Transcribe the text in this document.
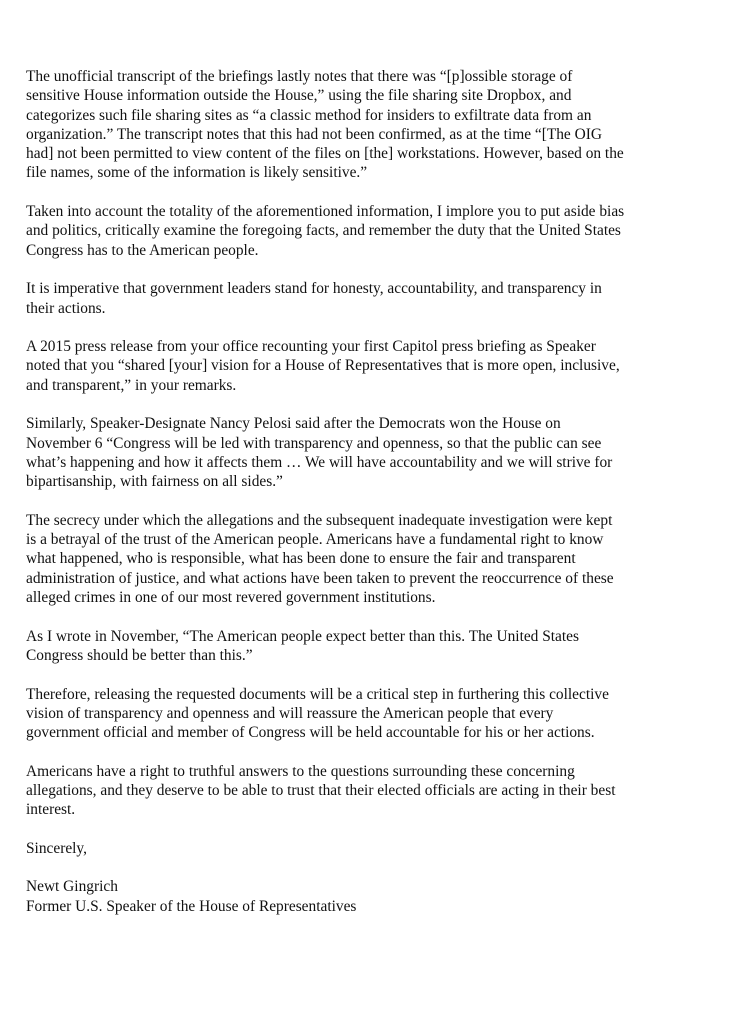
The unofficial transcript of the briefings lastly notes that there was “[p]ossible storage of
sensitive House information outside the House,” using the file sharing site Dropbox, and
categorizes such file sharing sites as “a classic method for insiders to exfiltrate data from an
organization.” The transcript notes that this had not been confirmed, as at the time “[The OIG
had] not been permitted to view content of the files on [the] workstations. However, based on the
file names, some of the information is likely sensitive.”

Taken into account the totality of the aforementioned information, I implore you to put aside bias
and politics, critically examine the foregoing facts, and remember the duty that the United States
Congress has to the American people.

It is imperative that government leaders stand for honesty, accountability, and transparency in
their actions.

A 2015 press release from your office recounting your first Capitol press briefing as Speaker
noted that you “shared [your] vision for a House of Representatives that is more open, inclusive,
and transparent,” in your remarks.

Similarly, Speaker-Designate Nancy Pelosi said after the Democrats won the House on
November 6 “Congress will be led with transparency and openness, so that the public can see
what’s happening and how it affects them … We will have accountability and we will strive for
bipartisanship, with fairness on all sides.”

The secrecy under which the allegations and the subsequent inadequate investigation were kept
is a betrayal of the trust of the American people. Americans have a fundamental right to know
what happened, who is responsible, what has been done to ensure the fair and transparent
administration of justice, and what actions have been taken to prevent the reoccurrence of these
alleged crimes in one of our most revered government institutions.

As I wrote in November, “The American people expect better than this. The United States
Congress should be better than this.”

Therefore, releasing the requested documents will be a critical step in furthering this collective
vision of transparency and openness and will reassure the American people that every
government official and member of Congress will be held accountable for his or her actions.

Americans have a right to truthful answers to the questions surrounding these concerning
allegations, and they deserve to be able to trust that their elected officials are acting in their best
interest.

Sincerely,

Newt Gingrich

Former U.S. Speaker of the House of Representatives
